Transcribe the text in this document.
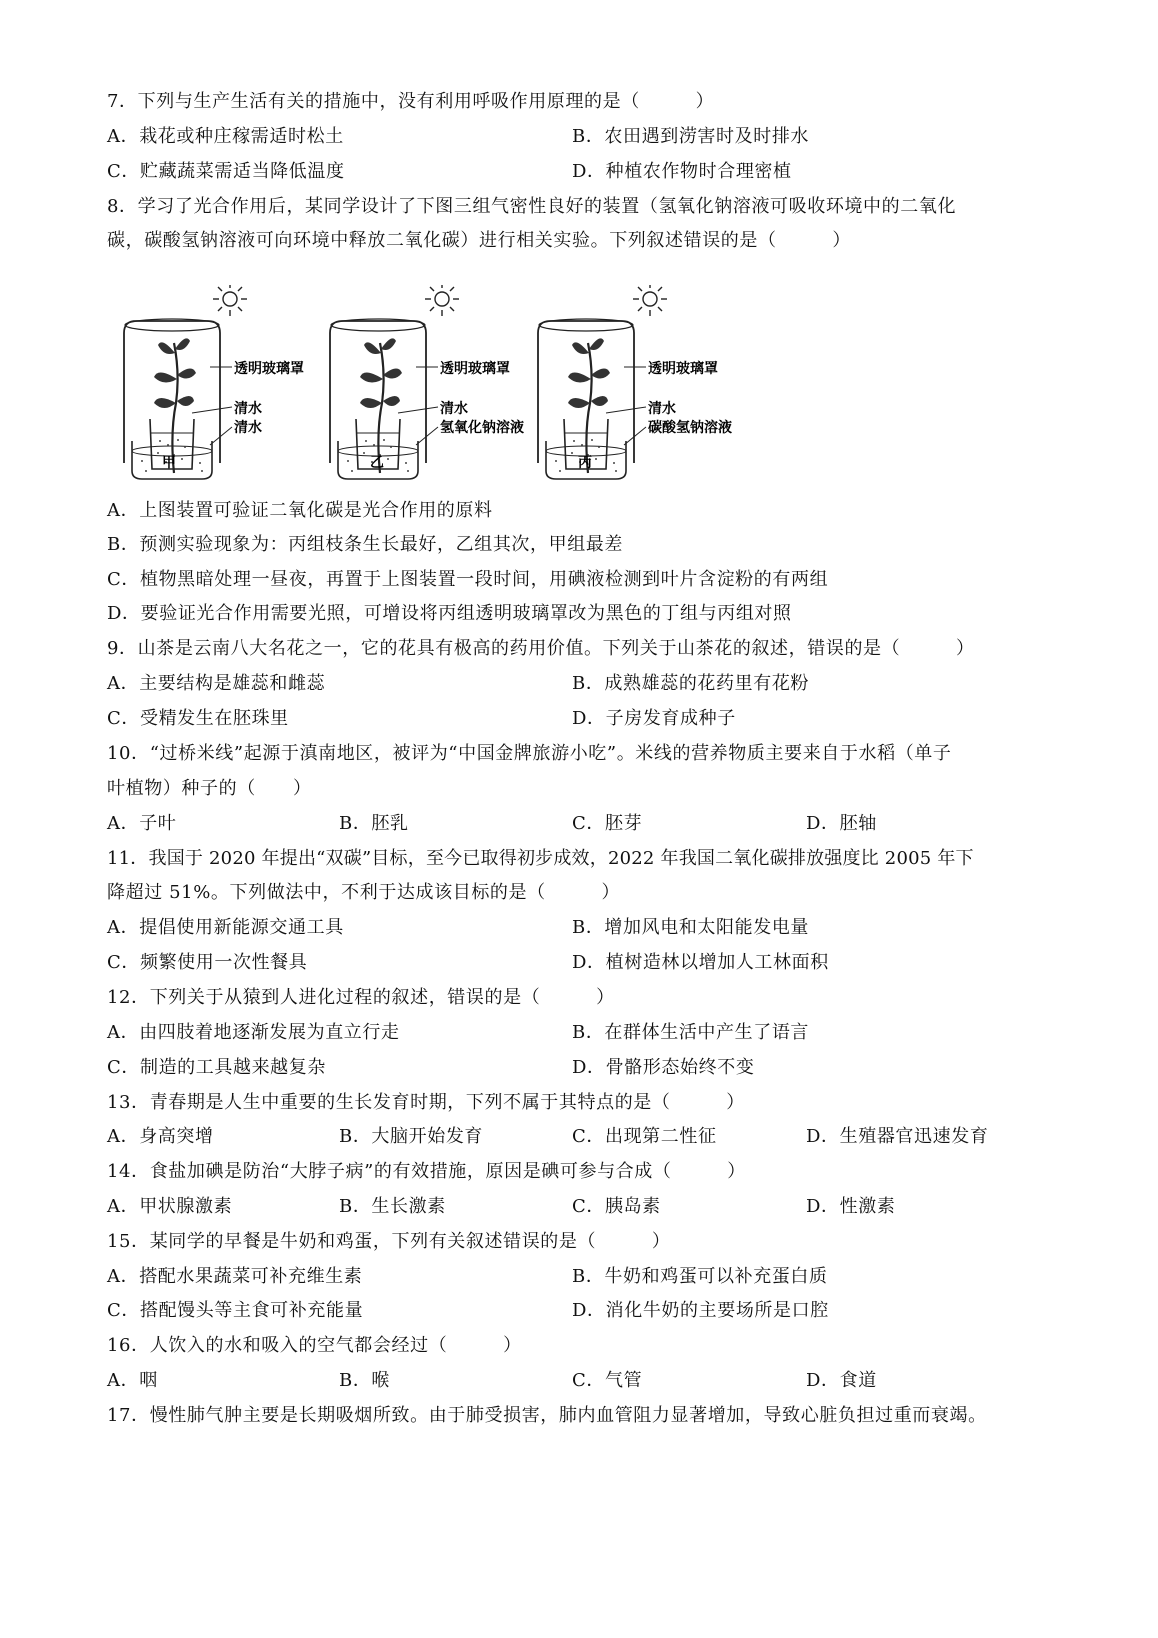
7．下列与生产生活有关的措施中，没有利用呼吸作用原理的是（　　　）
A．栽花或种庄稼需适时松土	B．农田遇到涝害时及时排水
C．贮藏蔬菜需适当降低温度	D．种植农作物时合理密植
8．学习了光合作用后，某同学设计了下图三组气密性良好的装置（氢氧化钠溶液可吸收环境中的二氧化
碳，碳酸氢钠溶液可向环境中释放二氧化碳）进行相关实验。下列叙述错误的是（　　　）
透明玻璃罩
清水
清水
甲
透明玻璃罩
清水
氢氧化钠溶液
乙
透明玻璃罩
清水
碳酸氢钠溶液
丙
A．上图装置可验证二氧化碳是光合作用的原料
B．预测实验现象为：丙组枝条生长最好，乙组其次，甲组最差
C．植物黑暗处理一昼夜，再置于上图装置一段时间，用碘液检测到叶片含淀粉的有两组
D．要验证光合作用需要光照，可增设将丙组透明玻璃罩改为黑色的丁组与丙组对照
9．山茶是云南八大名花之一，它的花具有极高的药用价值。下列关于山茶花的叙述，错误的是（　　　）
A．主要结构是雄蕊和雌蕊	B．成熟雄蕊的花药里有花粉
C．受精发生在胚珠里	D．子房发育成种子
10．“过桥米线”起源于滇南地区，被评为“中国金牌旅游小吃”。米线的营养物质主要来自于水稻（单子
叶植物）种子的（　　）
A．子叶	B．胚乳	C．胚芽	D．胚轴
11．我国于 2020 年提出“双碳”目标，至今已取得初步成效，2022 年我国二氧化碳排放强度比 2005 年下
降超过 51%。下列做法中，不利于达成该目标的是（　　　）
A．提倡使用新能源交通工具	B．增加风电和太阳能发电量
C．频繁使用一次性餐具	D．植树造林以增加人工林面积
12．下列关于从猿到人进化过程的叙述，错误的是（　　　）
A．由四肢着地逐渐发展为直立行走	B．在群体生活中产生了语言
C．制造的工具越来越复杂	D．骨骼形态始终不变
13．青春期是人生中重要的生长发育时期，下列不属于其特点的是（　　　）
A．身高突增	B．大脑开始发育	C．出现第二性征	D．生殖器官迅速发育
14．食盐加碘是防治“大脖子病”的有效措施，原因是碘可参与合成（　　　）
A．甲状腺激素	B．生长激素	C．胰岛素	D．性激素
15．某同学的早餐是牛奶和鸡蛋，下列有关叙述错误的是（　　　）
A．搭配水果蔬菜可补充维生素	B．牛奶和鸡蛋可以补充蛋白质
C．搭配馒头等主食可补充能量	D．消化牛奶的主要场所是口腔
16．人饮入的水和吸入的空气都会经过（　　　）
A．咽	B．喉	C．气管	D．食道
17．慢性肺气肿主要是长期吸烟所致。由于肺受损害，肺内血管阻力显著增加，导致心脏负担过重而衰竭。
